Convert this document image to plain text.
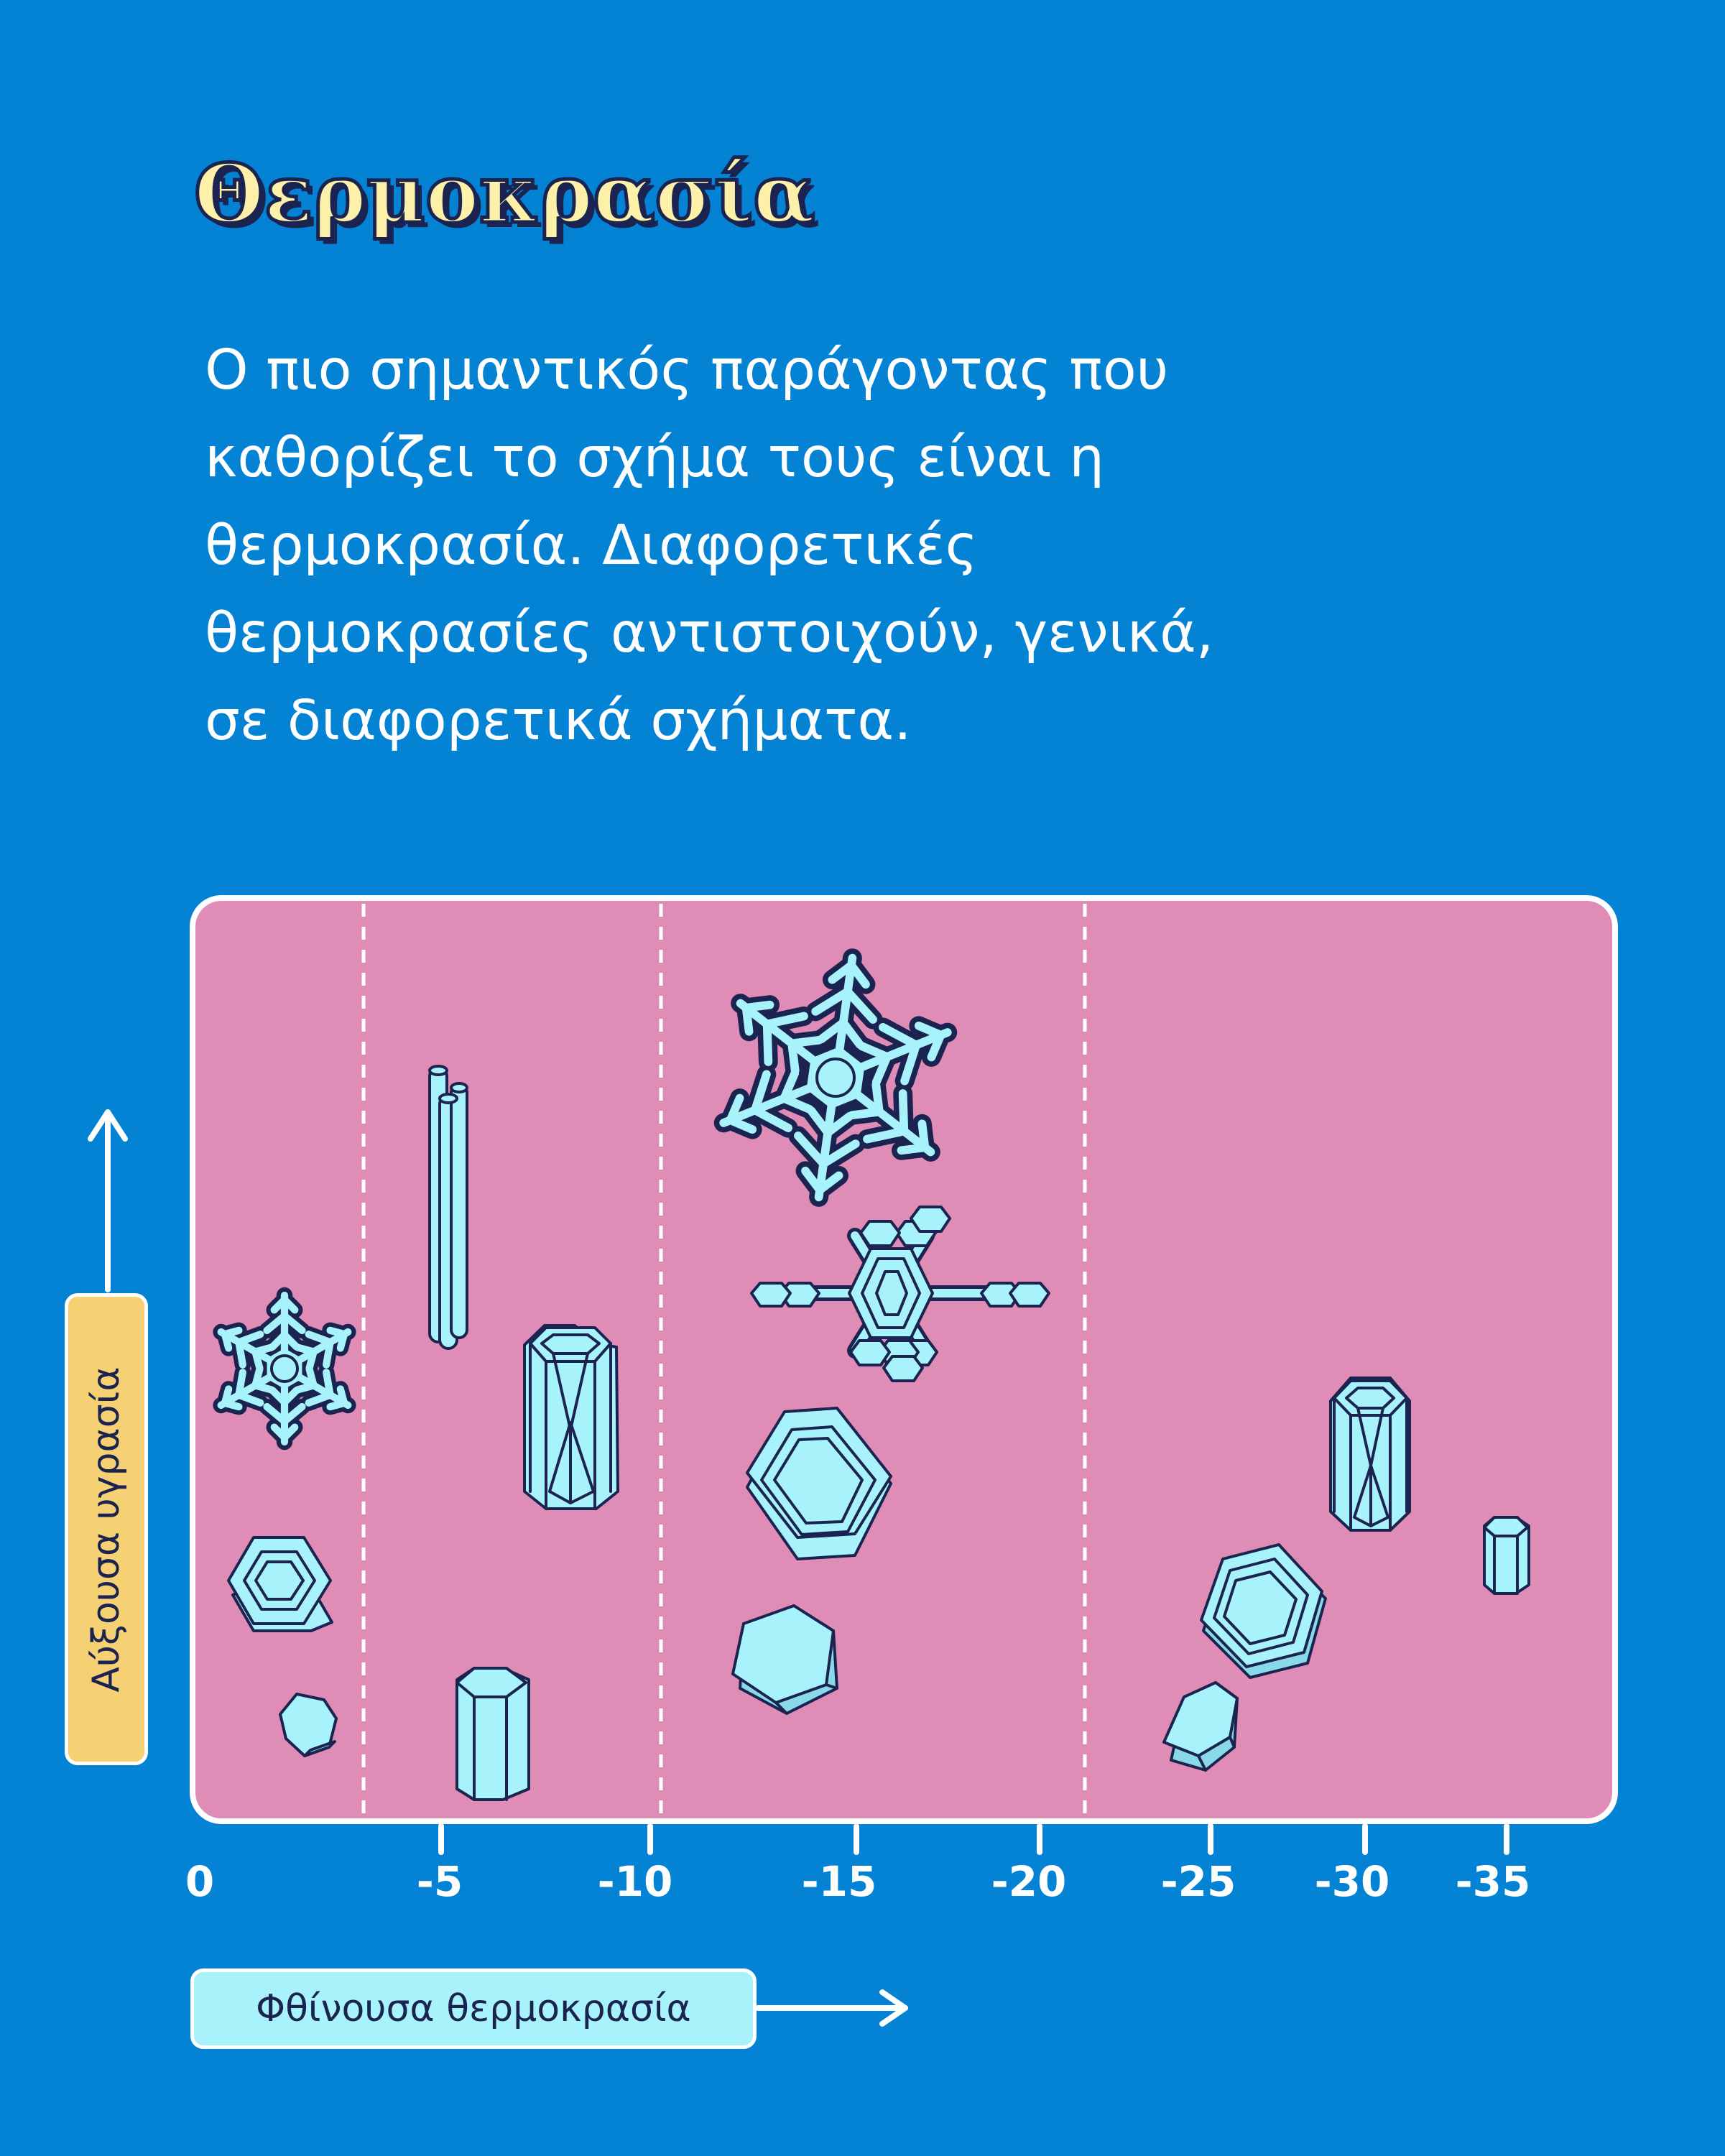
Θερμοκρασία

Ο πιο σημαντικός παράγοντας που
καθορίζει το σχήμα τους είναι η
θερμοκρασία. Διαφορετικές
θερμοκρασίες αντιστοιχούν, γενικά,
σε διαφορετικά σχήματα.

0	-5	-10	-15	-20 -25 -30 -35
Αύξουσα υγρασία
Φθίνουσα θερμοκρασία
